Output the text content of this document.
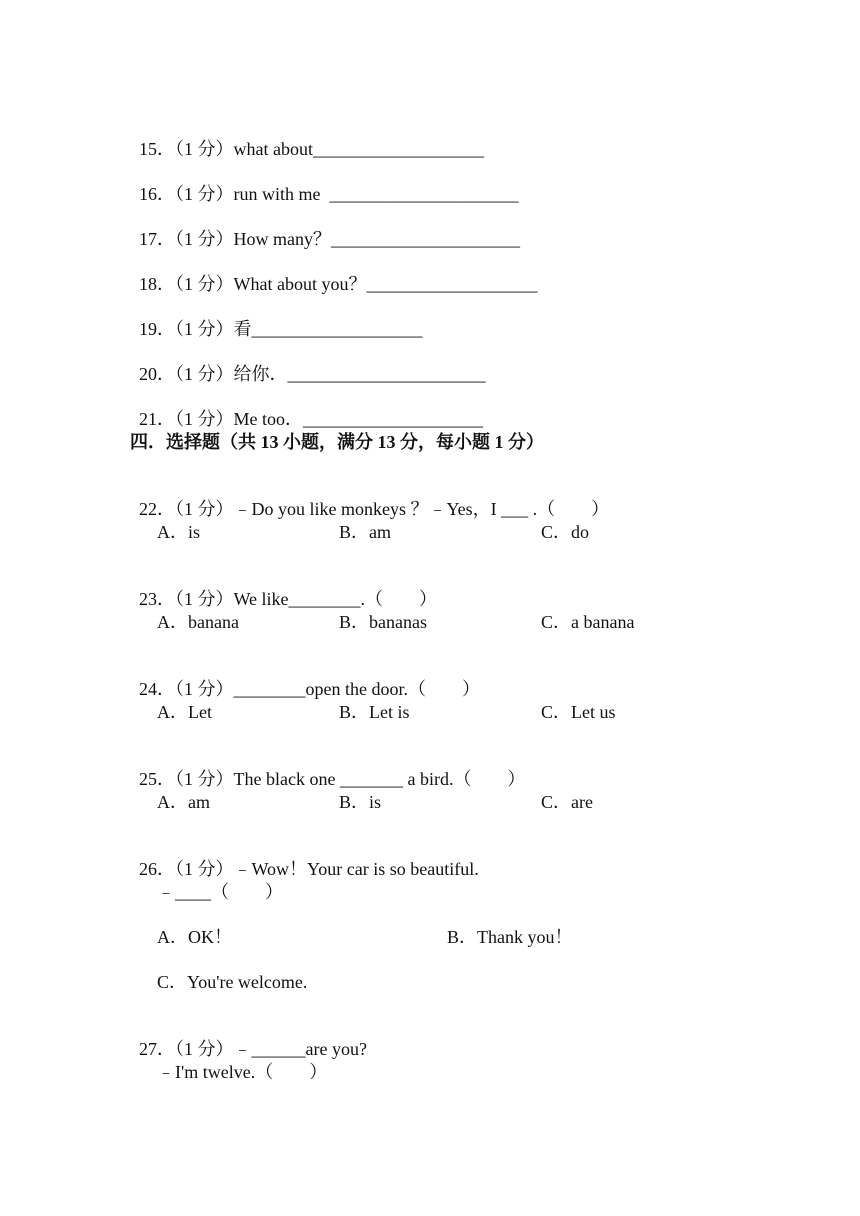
15．（1 分）what about___________________

16．（1 分）run with me  _____________________

17．（1 分）How many？_____________________

18．（1 分）What about you？___________________

19．（1 分）看___________________

20．（1 分）给你．______________________

21．（1 分）Me too．____________________

四．选择题（共 13 小题，满分 13 分，每小题 1 分）

22．（1 分）﹣Do you like monkeys ？﹣Yes，I ___ .（        ）

A．is	B．am	C．do

23．（1 分）We like________.（        ）

A．banana	B．bananas	C．a banana

24．（1 分）________open the door.（        ）

A．Let	B．Let is	C．Let us

25．（1 分）The black one _______ a bird.（        ）

A．am	B．is	C．are

26．（1 分）﹣Wow！Your car is so beautiful.

﹣____（        ）
A．OK！	B．Thank you！
C．You're welcome.

27．（1 分）﹣______are you?

﹣I'm twelve.（        ）
